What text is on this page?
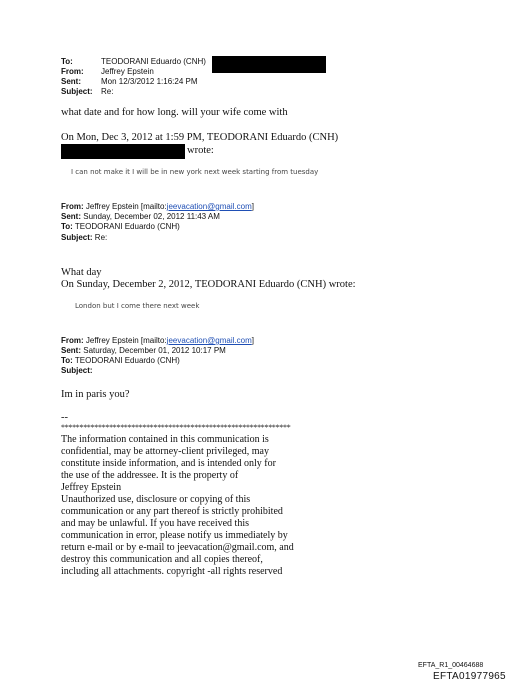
To:	TEODORANI Eduardo (CNH)
From:	Jeffrey Epstein
Sent:	Mon 12/3/2012 1:16:24 PM
Subject:	Re:
what date and for how long. will your wife come with
On Mon, Dec 3, 2012 at 1:59 PM, TEODORANI Eduardo (CNH)
wrote:
I can not make it I will be in new york next week starting from tuesday
From: Jeffrey Epstein [mailto:jeevacation@gmail.com]
Sent: Sunday, December 02, 2012 11:43 AM
To: TEODORANI Eduardo (CNH)
Subject: Re:
What day
On Sunday, December 2, 2012, TEODORANI Eduardo (CNH) wrote:
London but I come there next week
From: Jeffrey Epstein [mailto:jeevacation@gmail.com]
Sent: Saturday, December 01, 2012 10:17 PM
To: TEODORANI Eduardo (CNH)
Subject:
Im in paris you?
--
**************************************************************
The information contained in this communication is
confidential, may be attorney-client privileged, may
constitute inside information, and is intended only for
the use of the addressee. It is the property of
Jeffrey Epstein
Unauthorized use, disclosure or copying of this
communication or any part thereof is strictly prohibited
and may be unlawful. If you have received this
communication in error, please notify us immediately by
return e-mail or by e-mail to jeevacation@gmail.com, and
destroy this communication and all copies thereof,
including all attachments. copyright -all rights reserved
EFTA_R1_00464688
EFTA01977965
